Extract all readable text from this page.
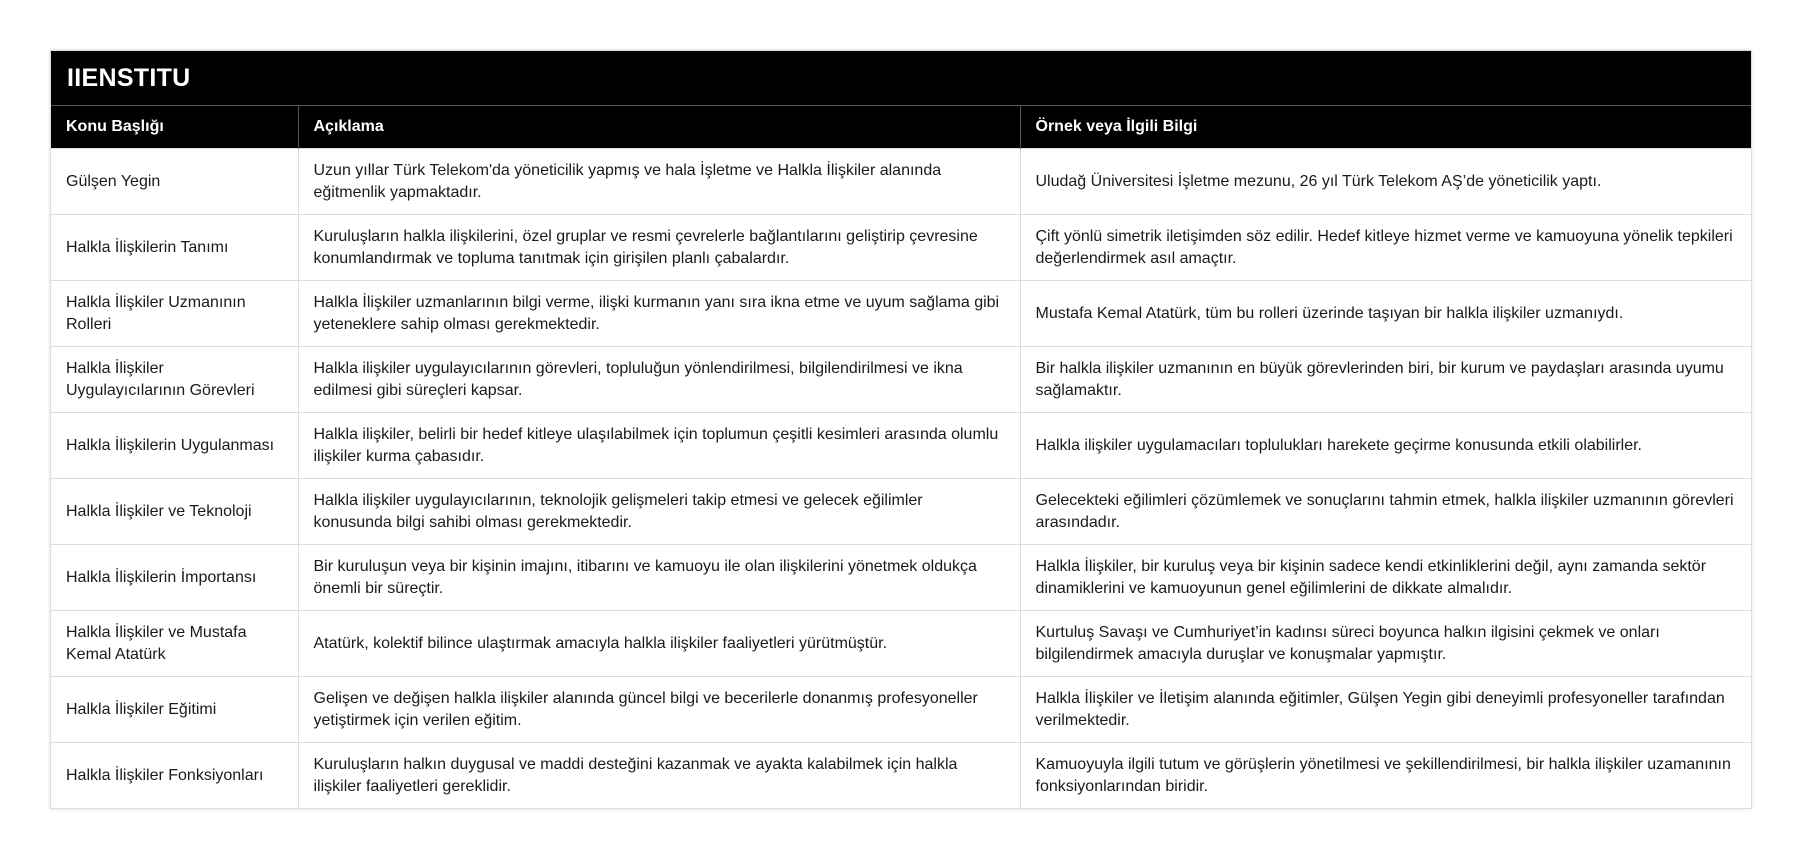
IIENSTITU
Konu Başlığı	Açıklama	Örnek veya İlgili Bilgi
Gülşen Yegin	Uzun yıllar Türk Telekom'da yöneticilik yapmış ve hala İşletme ve Halkla İlişkiler alanında eğitmenlik yapmaktadır.	Uludağ Üniversitesi İşletme mezunu, 26 yıl Türk Telekom AŞ’de yöneticilik yaptı.
Halkla İlişkilerin Tanımı	Kuruluşların halkla ilişkilerini, özel gruplar ve resmi çevrelerle bağlantılarını geliştirip çevresine konumlandırmak ve topluma tanıtmak için girişilen planlı çabalardır.	Çift yönlü simetrik iletişimden söz edilir. Hedef kitleye hizmet verme ve kamuoyuna yönelik tepkileri değerlendirmek asıl amaçtır.
Halkla İlişkiler Uzmanının Rolleri	Halkla İlişkiler uzmanlarının bilgi verme, ilişki kurmanın yanı sıra ikna etme ve uyum sağlama gibi yeteneklere sahip olması gerekmektedir.	Mustafa Kemal Atatürk, tüm bu rolleri üzerinde taşıyan bir halkla ilişkiler uzmanıydı.
Halkla İlişkiler Uygulayıcılarının Görevleri	Halkla ilişkiler uygulayıcılarının görevleri, topluluğun yönlendirilmesi, bilgilendirilmesi ve ikna edilmesi gibi süreçleri kapsar.	Bir halkla ilişkiler uzmanının en büyük görevlerinden biri, bir kurum ve paydaşları arasında uyumu sağlamaktır.
Halkla İlişkilerin Uygulanması	Halkla ilişkiler, belirli bir hedef kitleye ulaşılabilmek için toplumun çeşitli kesimleri arasında olumlu ilişkiler kurma çabasıdır.	Halkla ilişkiler uygulamacıları toplulukları harekete geçirme konusunda etkili olabilirler.
Halkla İlişkiler ve Teknoloji	Halkla ilişkiler uygulayıcılarının, teknolojik gelişmeleri takip etmesi ve gelecek eğilimler konusunda bilgi sahibi olması gerekmektedir.	Gelecekteki eğilimleri çözümlemek ve sonuçlarını tahmin etmek, halkla ilişkiler uzmanının görevleri arasındadır.
Halkla İlişkilerin İmportansı	Bir kuruluşun veya bir kişinin imajını, itibarını ve kamuoyu ile olan ilişkilerini yönetmek oldukça önemli bir süreçtir.	Halkla İlişkiler, bir kuruluş veya bir kişinin sadece kendi etkinliklerini değil, aynı zamanda sektör dinamiklerini ve kamuoyunun genel eğilimlerini de dikkate almalıdır.
Halkla İlişkiler ve Mustafa Kemal Atatürk	Atatürk, kolektif bilince ulaştırmak amacıyla halkla ilişkiler faaliyetleri yürütmüştür.	Kurtuluş Savaşı ve Cumhuriyet’in kadınsı süreci boyunca halkın ilgisini çekmek ve onları bilgilendirmek amacıyla duruşlar ve konuşmalar yapmıştır.
Halkla İlişkiler Eğitimi	Gelişen ve değişen halkla ilişkiler alanında güncel bilgi ve becerilerle donanmış profesyoneller yetiştirmek için verilen eğitim.	Halkla İlişkiler ve İletişim alanında eğitimler, Gülşen Yegin gibi deneyimli profesyoneller tarafından verilmektedir.
Halkla İlişkiler Fonksiyonları	Kuruluşların halkın duygusal ve maddi desteğini kazanmak ve ayakta kalabilmek için halkla ilişkiler faaliyetleri gereklidir.	Kamuoyuyla ilgili tutum ve görüşlerin yönetilmesi ve şekillendirilmesi, bir halkla ilişkiler uzamanının fonksiyonlarından biridir.
